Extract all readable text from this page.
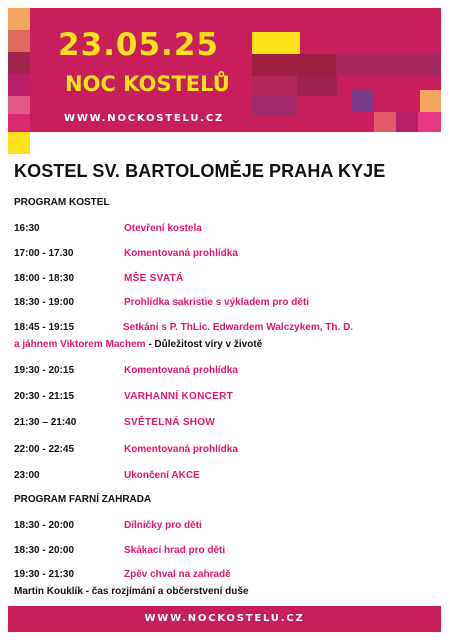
23.05.25
NOC KOSTELŮ
WWW.NOCKOSTELU.CZ
KOSTEL SV. BARTOLOMĚJE PRAHA KYJE
PROGRAM KOSTEL
16:30	Otevření kostela
17:00 - 17.30	Komentovaná prohlídka
18:00 - 18:30	MŠE SVATÁ
18:30 - 19:00	Prohlídka sakristie s výkladem pro děti
18:45 - 19:15	Setkání s P. ThLic. Edwardem Walczykem, Th. D.
a jáhnem Viktorem Machem - Důležitost víry v životě
19:30 - 20:15	Komentovaná prohlídka
20:30 - 21:15	VARHANNÍ KONCERT
21:30 – 21:40	SVĚTELNÁ SHOW
22:00 - 22:45	Komentovaná prohlídka
23:00	Ukončení AKCE
PROGRAM FARNÍ ZAHRADA
18:30 - 20:00	Dílničky pro děti
18:30 - 20:00	Skákací hrad pro děti
19:30 - 21:30	Zpěv chval na zahradě
Martin Kouklík - čas rozjímání a občerstvení duše
WWW.NOCKOSTELU.CZ
